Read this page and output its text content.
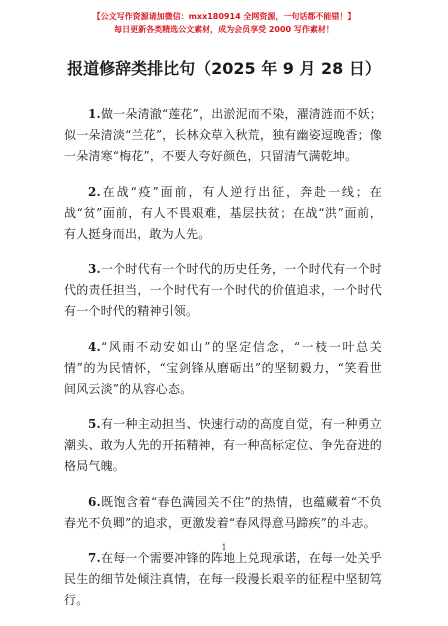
【公文写作资源请加微信：mxx180914 全网资源，一句话都不能错！】
每日更新各类精选公文素材，成为会员享受 2000 写作素材！
报道修辞类排比句（2025 年 9 月 28 日）

1.做一朵清澈“莲花”，出淤泥而不染，濯清涟而不妖；似一朵清淡“兰花”，长林众草入秋荒，独有幽姿逗晚香；像一朵清寒“梅花”，不要人夸好颜色，只留清气满乾坤。

2.在战“疫”面前，有人逆行出征，奔赴一线；在战“贫”面前，有人不畏艰难，基层扶贫；在战“洪”面前，有人挺身而出，敢为人先。

3.一个时代有一个时代的历史任务，一个时代有一个时代的责任担当，一个时代有一个时代的价值追求，一个时代有一个时代的精神引领。

4.“风雨不动安如山”的坚定信念，“一枝一叶总关情”的为民情怀，“宝剑锋从磨砺出”的坚韧毅力，“笑看世间风云淡”的从容心态。

5.有一种主动担当、快速行动的高度自觉，有一种勇立潮头、敢为人先的开拓精神，有一种高标定位、争先奋进的格局气魄。

6.既饱含着“春色满园关不住”的热情，也蕴藏着“不负春光不负卿”的追求，更激发着“春风得意马蹄疾”的斗志。

7.在每一个需要冲锋的阵地上兑现承诺，在每一处关乎民生的细节处倾注真情，在每一段漫长艰辛的征程中坚韧笃行。

1
